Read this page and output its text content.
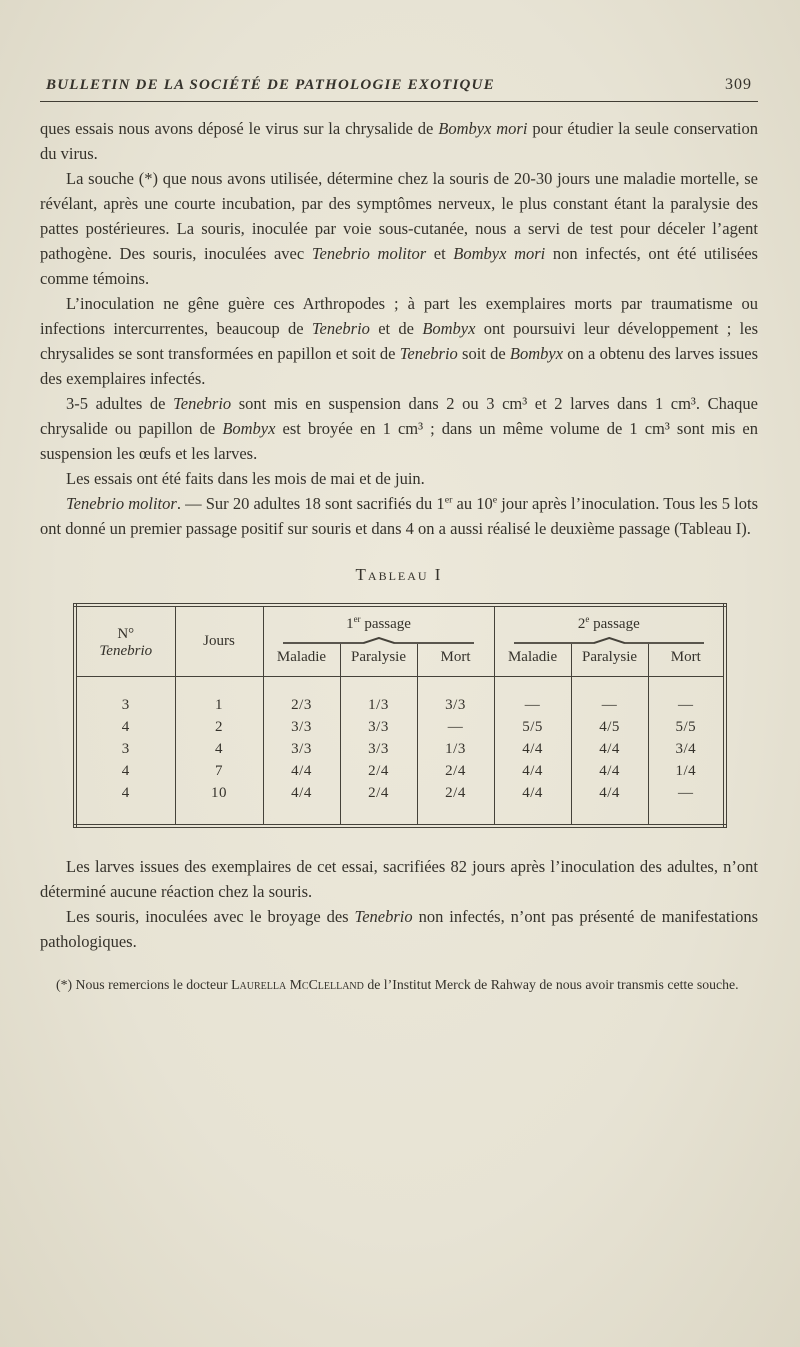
BULLETIN DE LA SOCIÉTÉ DE PATHOLOGIE EXOTIQUE	309

ques essais nous avons déposé le virus sur la chrysalide de Bombyx mori pour étudier la seule conservation du virus.

La souche (*) que nous avons utilisée, détermine chez la souris de 20-30 jours une maladie mortelle, se révélant, après une courte incubation, par des symptômes nerveux, le plus constant étant la paralysie des pattes postérieures. La souris, inoculée par voie sous-cutanée, nous a servi de test pour déceler l’agent pathogène. Des souris, inoculées avec Tenebrio molitor et Bombyx mori non infectés, ont été utilisées comme témoins.

L’inoculation ne gêne guère ces Arthropodes ; à part les exemplaires morts par traumatisme ou infections intercurrentes, beaucoup de Tenebrio et de Bombyx ont poursuivi leur développement ; les chrysalides se sont transformées en papillon et soit de Tenebrio soit de Bombyx on a obtenu des larves issues des exemplaires infectés.

3-5 adultes de Tenebrio sont mis en suspension dans 2 ou 3 cm³ et 2 larves dans 1 cm³. Chaque chrysalide ou papillon de Bombyx est broyée en 1 cm³ ; dans un même volume de 1 cm³ sont mis en suspension les œufs et les larves.

Les essais ont été faits dans les mois de mai et de juin.

Tenebrio molitor. — Sur 20 adultes 18 sont sacrifiés du 1er au 10e jour après l’inoculation. Tous les 5 lots ont donné un premier passage positif sur souris et dans 4 on a aussi réalisé le deuxième passage (Tableau I).

Tableau I
N°
Tenebrio	Jours	1er passage			2e passage		

		Maladie	Paralysie	Mort	Maladie	Paralysie	Mort
3	1	2/3	1/3	3/3	—	—	—
4	2	3/3	3/3	—	5/5	4/5	5/5
3	4	3/3	3/3	1/3	4/4	4/4	3/4
4	7	4/4	2/4	2/4	4/4	4/4	1/4
4	10	4/4	2/4	2/4	4/4	4/4	—

Les larves issues des exemplaires de cet essai, sacrifiées 82 jours après l’inoculation des adultes, n’ont déterminé aucune réaction chez la souris.

Les souris, inoculées avec le broyage des Tenebrio non infectés, n’ont pas présenté de manifestations pathologiques.

(*) Nous remercions le docteur Laurella McClelland de l’Institut Merck de Rahway de nous avoir transmis cette souche.
